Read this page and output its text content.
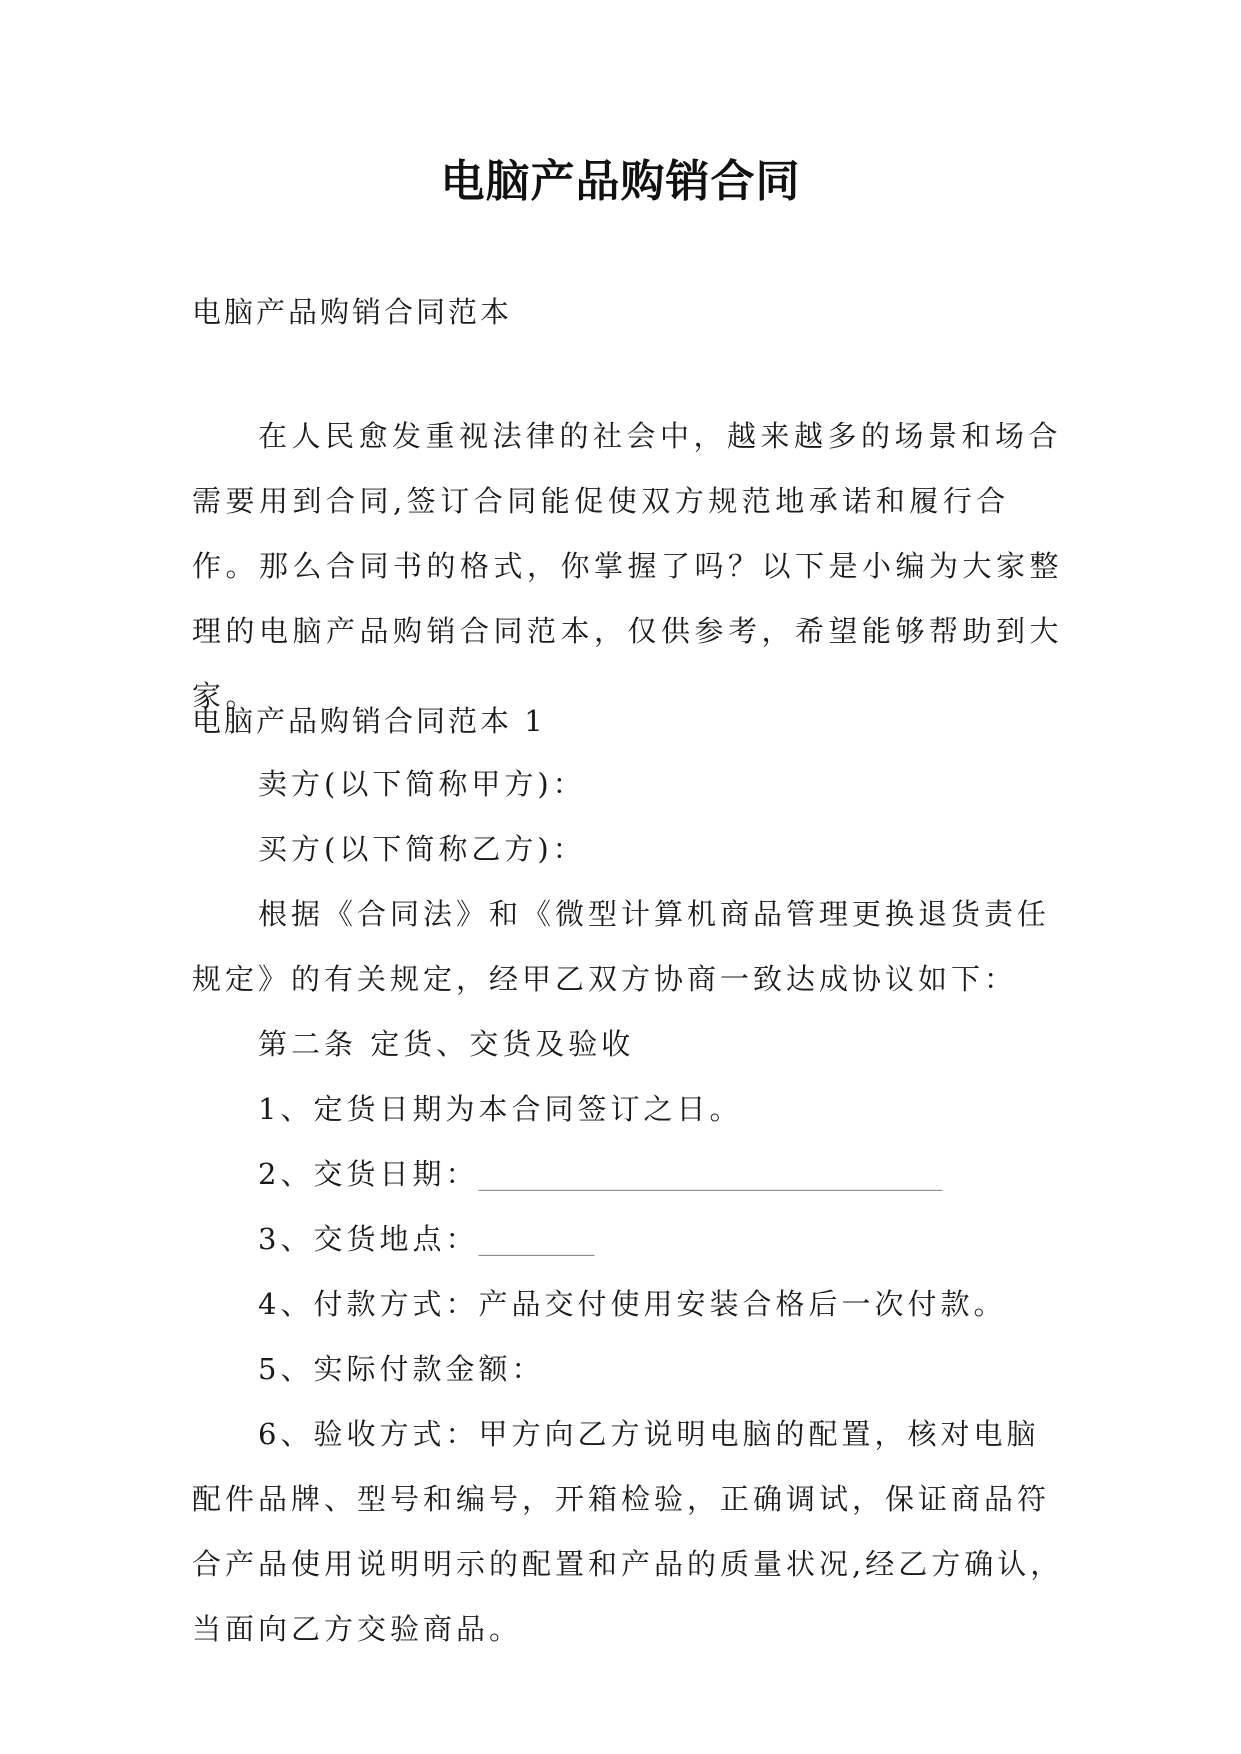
电脑产品购销合同
电脑产品购销合同范本

在人民愈发重视法律的社会中，越来越多的场景和场合需要用到合同,签订合同能促使双方规范地承诺和履行合作。那么合同书的格式，你掌握了吗？以下是小编为大家整理的电脑产品购销合同范本，仅供参考，希望能够帮助到大家。

电脑产品购销合同范本 1

卖方(以下简称甲方)：

买方(以下简称乙方)：

根据《合同法》和《微型计算机商品管理更换退货责任规定》的有关规定，经甲乙双方协商一致达成协议如下：

第二条 定货、交货及验收

1、定货日期为本合同签订之日。

2、交货日期：________________________________

3、交货地点：________

4、付款方式：产品交付使用安装合格后一次付款。

5、实际付款金额：

6、验收方式：甲方向乙方说明电脑的配置，核对电脑配件品牌、型号和编号，开箱检验，正确调试，保证商品符合产品使用说明明示的配置和产品的质量状况,经乙方确认，当面向乙方交验商品。
